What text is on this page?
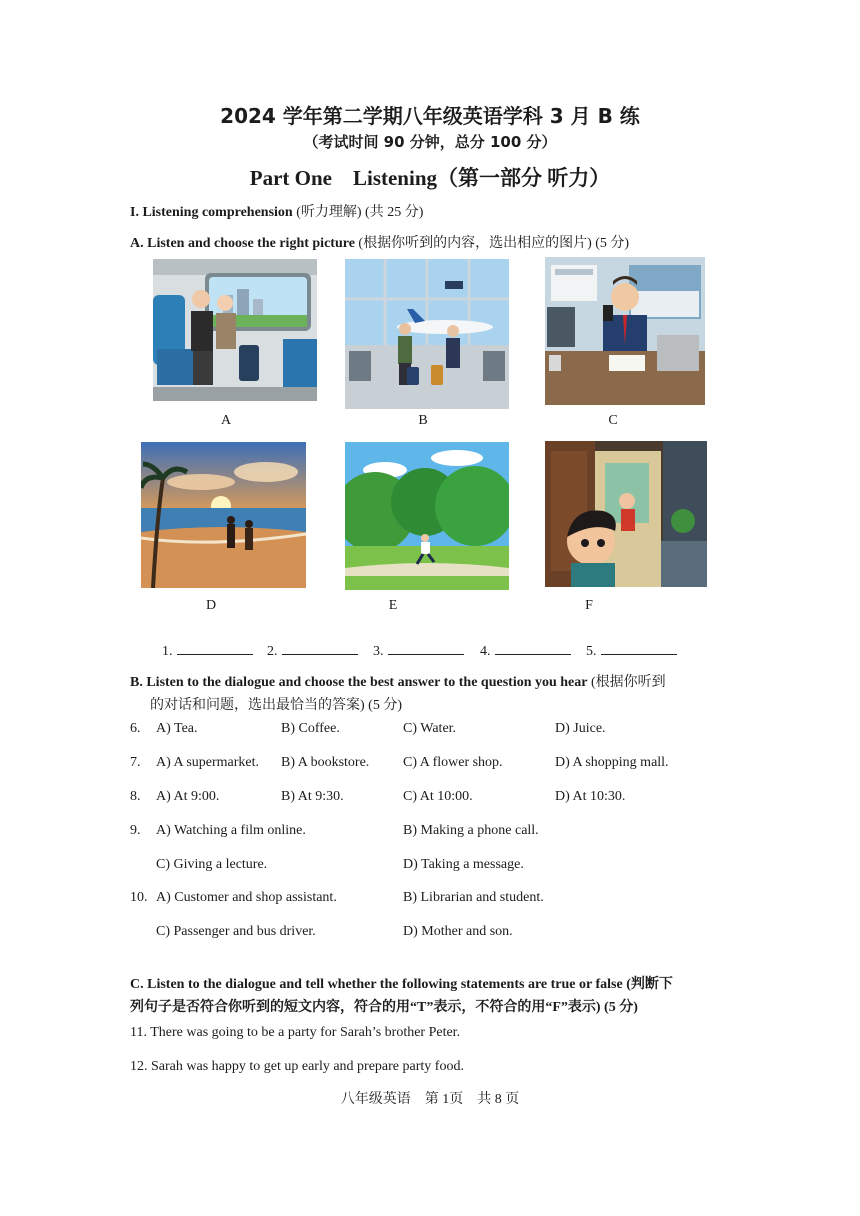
2024 学年第二学期八年级英语学科 3 月 B 练
（考试时间 90 分钟，总分 100 分）
Part One　Listening（第一部分 听力）
I. Listening comprehension (听力理解) (共 25 分)
A. Listen and choose the right picture (根据你听到的内容，选出相应的图片) (5 分)
A	B	C
D	E	F
1.	2.	3.	4.	5.
B. Listen to the dialogue and choose the best answer to the question you hear (根据你听到
的对话和问题，选出最恰当的答案) (5 分)
6. A) Tea.	B) Coffee.	C) Water.	D) Juice.
7. A) A supermarket. B) A bookstore. C) A flower shop.	D) A shopping mall.
8. A) At 9:00.	B) At 9:30.	C) At 10:00.	D) At 10:30.
9. A) Watching a film online.	B) Making a phone call.
C) Giving a lecture.	D) Taking a message.
10. A) Customer and shop assistant.	B) Librarian and student.
C) Passenger and bus driver.	D) Mother and son.
C. Listen to the dialogue and tell whether the following statements are true or false (判断下
列句子是否符合你听到的短文内容，符合的用“T”表示，不符合的用“F”表示) (5 分)
11. There was going to be a party for Sarah’s brother Peter.
12. Sarah was happy to get up early and prepare party food.
八年级英语　第 1页　共 8 页
